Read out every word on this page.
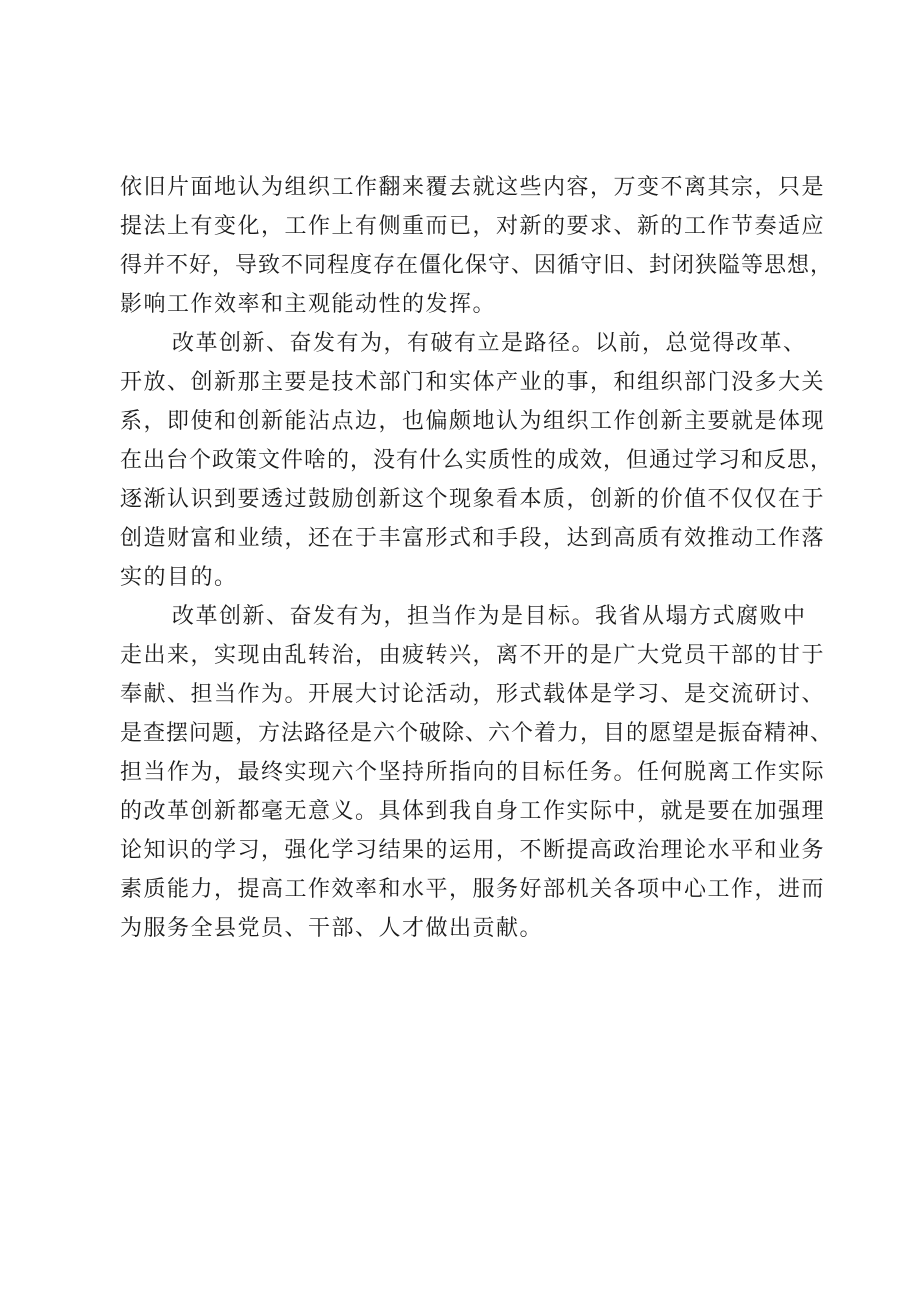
依旧片面地认为组织工作翻来覆去就这些内容，万变不离其宗，只是
提法上有变化，工作上有侧重而已，对新的要求、新的工作节奏适应
得并不好，导致不同程度存在僵化保守、因循守旧、封闭狭隘等思想，
影响工作效率和主观能动性的发挥。
改革创新、奋发有为，有破有立是路径。以前，总觉得改革、
开放、创新那主要是技术部门和实体产业的事，和组织部门没多大关
系，即使和创新能沾点边，也偏颇地认为组织工作创新主要就是体现
在出台个政策文件啥的，没有什么实质性的成效，但通过学习和反思，
逐渐认识到要透过鼓励创新这个现象看本质，创新的价值不仅仅在于
创造财富和业绩，还在于丰富形式和手段，达到高质有效推动工作落
实的目的。
改革创新、奋发有为，担当作为是目标。我省从塌方式腐败中
走出来，实现由乱转治，由疲转兴，离不开的是广大党员干部的甘于
奉献、担当作为。开展大讨论活动，形式载体是学习、是交流研讨、
是查摆问题，方法路径是六个破除、六个着力，目的愿望是振奋精神、
担当作为，最终实现六个坚持所指向的目标任务。任何脱离工作实际
的改革创新都毫无意义。具体到我自身工作实际中，就是要在加强理
论知识的学习，强化学习结果的运用，不断提高政治理论水平和业务
素质能力，提高工作效率和水平，服务好部机关各项中心工作，进而
为服务全县党员、干部、人才做出贡献。
